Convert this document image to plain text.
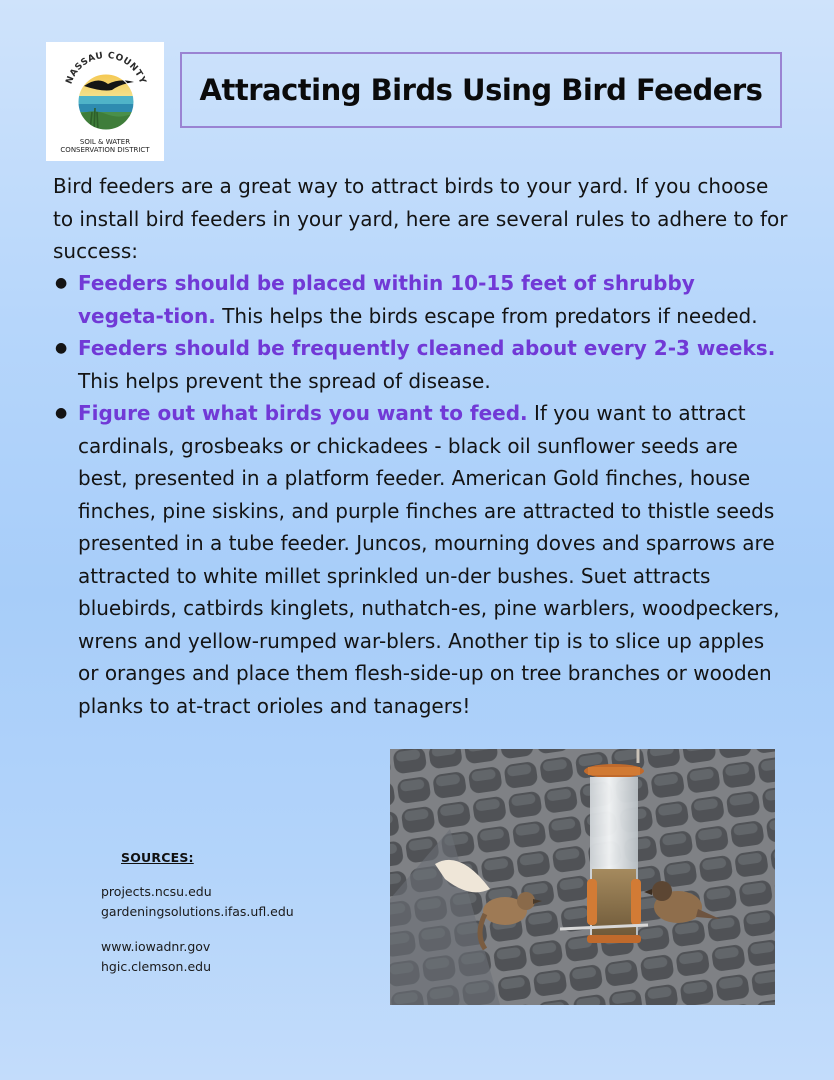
NASSAU COUNTY
SOIL & WATER
CONSERVATION DISTRICT
Attracting Birds Using Bird Feeders

Bird feeders are a great way to attract birds to your yard. If you choose to install bird feeders in your yard, here are several rules to adhere to for success:

● Feeders should be placed within 10-15 feet of shrubby vegeta-tion. This helps the birds escape from predators if needed.
● Feeders should be frequently cleaned about every 2-3 weeks. This helps prevent the spread of disease.
● Figure out what birds you want to feed. If you want to attract cardinals, grosbeaks or chickadees - black oil sunflower seeds are best, presented in a platform feeder. American Gold finches, house finches, pine siskins, and purple finches are attracted to thistle seeds presented in a tube feeder. Juncos, mourning doves and sparrows are attracted to white millet sprinkled un-der bushes. Suet attracts bluebirds, catbirds kinglets, nuthatch-es, pine warblers, woodpeckers, wrens and yellow-rumped war-blers. Another tip is to slice up apples or oranges and place them flesh-side-up on tree branches or wooden planks to at-tract orioles and tanagers!
SOURCES:
projects.ncsu.edu
gardeningsolutions.ifas.ufl.edu
www.iowadnr.gov
hgic.clemson.edu
